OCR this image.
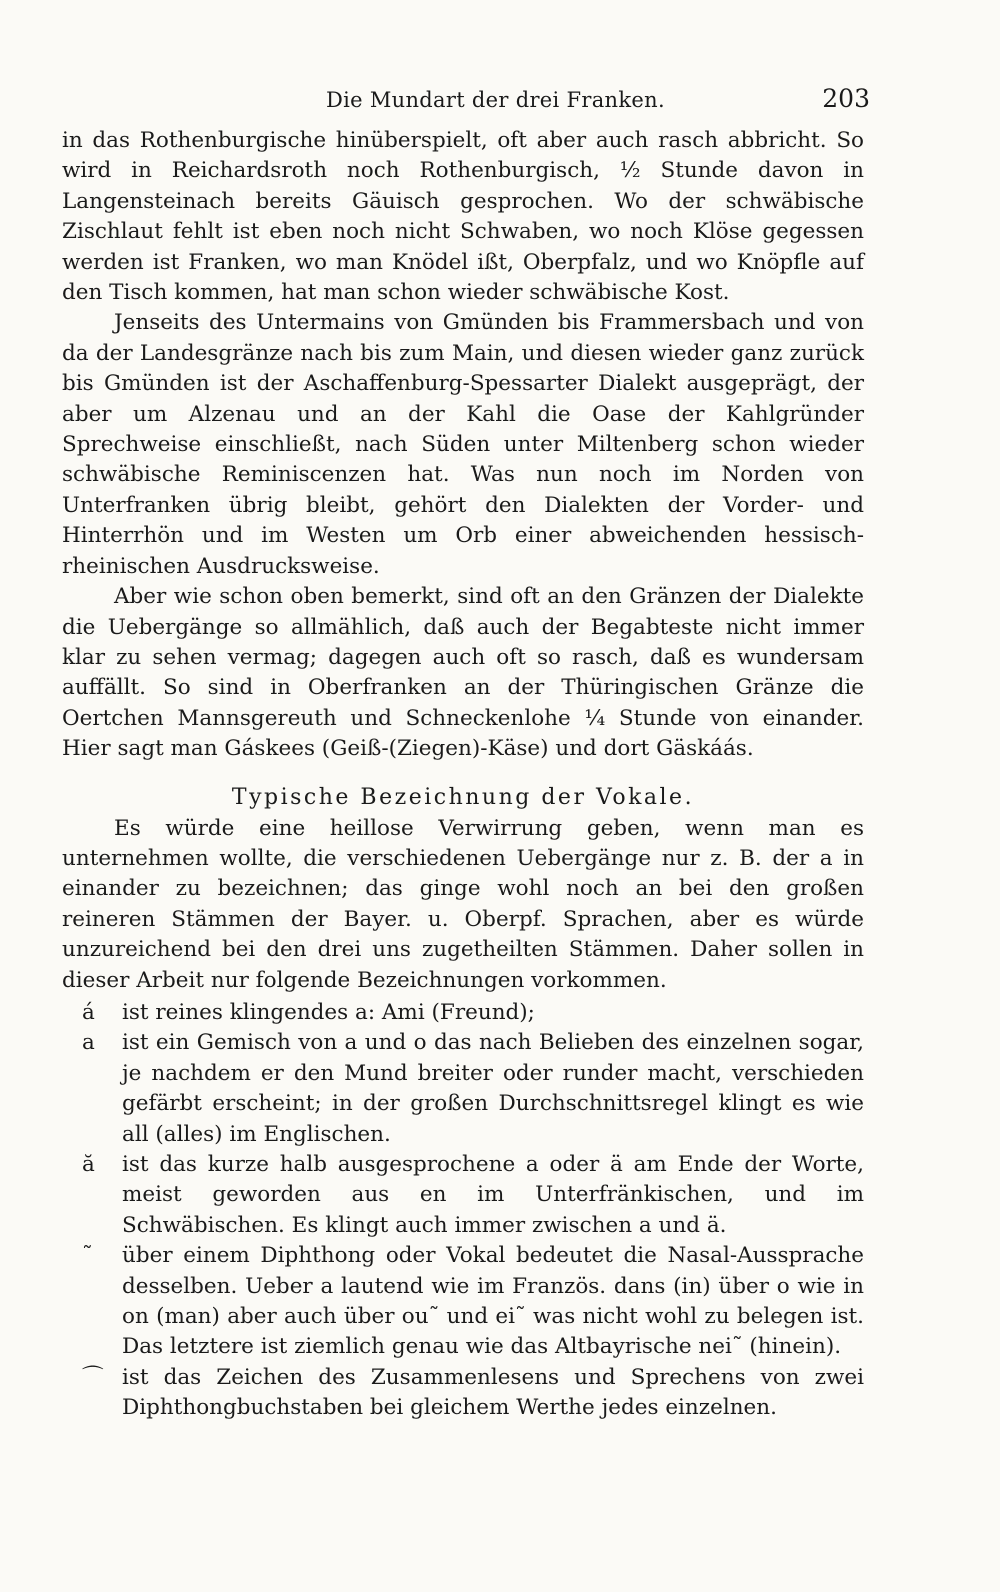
Die Mundart der drei Franken.	203

in das Rothenburgische hinüberspielt, oft aber auch rasch abbricht. So wird in Reichardsroth noch Rothenburgisch, ½ Stunde davon in Langensteinach bereits Gäuisch gesprochen. Wo der schwäbische Zischlaut fehlt ist eben noch nicht Schwaben, wo noch Klöse gegessen werden ist Franken, wo man Knödel ißt, Oberpfalz, und wo Knöpfle auf den Tisch kommen, hat man schon wieder schwäbische Kost.

Jenseits des Untermains von Gmünden bis Frammersbach und von da der Landesgränze nach bis zum Main, und diesen wieder ganz zurück bis Gmünden ist der Aschaffenburg-Spessarter Dialekt ausgeprägt, der aber um Alzenau und an der Kahl die Oase der Kahlgründer Sprechweise einschließt, nach Süden unter Miltenberg schon wieder schwäbische Reminiscenzen hat. Was nun noch im Norden von Unterfranken übrig bleibt, gehört den Dialekten der Vorder- und Hinterrhön und im Westen um Orb einer abweichenden hessisch-rheinischen Ausdrucksweise.

Aber wie schon oben bemerkt, sind oft an den Gränzen der Dialekte die Uebergänge so allmählich, daß auch der Begabteste nicht immer klar zu sehen vermag; dagegen auch oft so rasch, daß es wundersam auffällt. So sind in Oberfranken an der Thüringischen Gränze die Oertchen Mannsgereuth und Schneckenlohe ¼ Stunde von einander. Hier sagt man Gáskees (Geiß-(Ziegen)-Käse) und dort Gäskáás.

Typische Bezeichnung der Vokale.

Es würde eine heillose Verwirrung geben, wenn man es unternehmen wollte, die verschiedenen Uebergänge nur z. B. der a in einander zu bezeichnen; das ginge wohl noch an bei den großen reineren Stämmen der Bayer. u. Oberpf. Sprachen, aber es würde unzureichend bei den drei uns zugetheilten Stämmen. Daher sollen in dieser Arbeit nur folgende Bezeichnungen vorkommen.

á	ist reines klingendes a: Ami (Freund);
a	ist ein Gemisch von a und o das nach Belieben des einzelnen sogar, je nachdem er den Mund breiter oder runder macht, verschieden gefärbt erscheint; in der großen Durchschnittsregel klingt es wie all (alles) im Englischen.
ă	ist das kurze halb ausgesprochene a oder ä am Ende der Worte, meist geworden aus en im Unterfränkischen, und im Schwäbischen. Es klingt auch immer zwischen a und ä.
˜	über einem Diphthong oder Vokal bedeutet die Nasal-Aussprache desselben. Ueber a lautend wie im Französ. dans (in) über o wie in on (man) aber auch über ou˜ und ei˜ was nicht wohl zu belegen ist. Das letztere ist ziemlich genau wie das Altbayrische nei˜ (hinein).
⌒ ist das Zeichen des Zusammenlesens und Sprechens von zwei Diphthongbuchstaben bei gleichem Werthe jedes einzelnen.
